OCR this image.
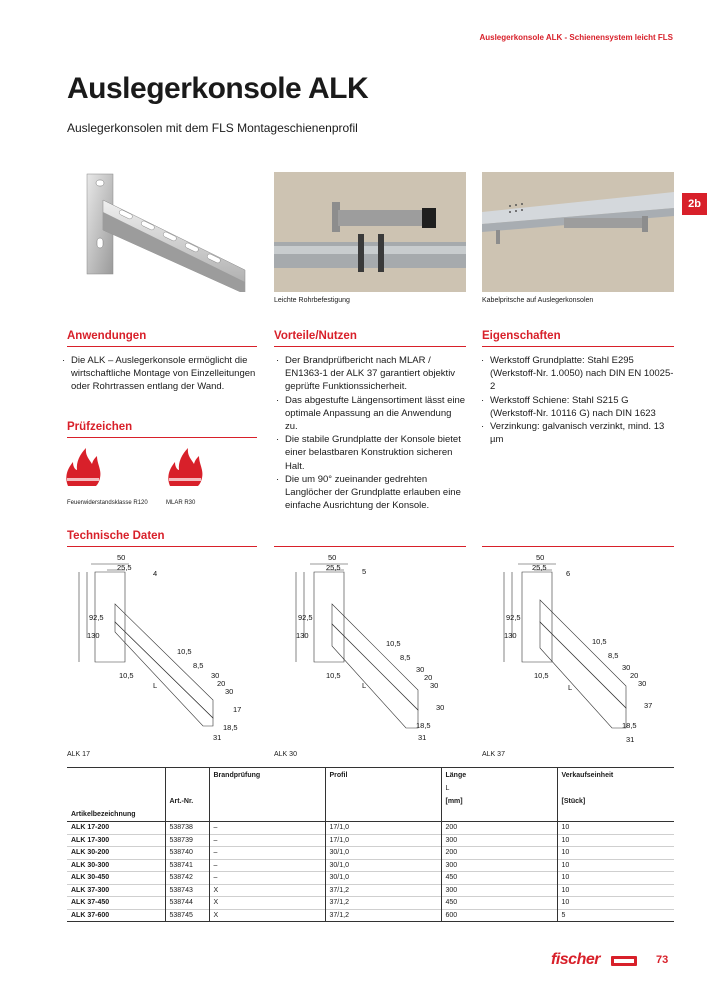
Auslegerkonsole ALK - Schienensystem leicht FLS
Auslegerkonsole ALK
Auslegerkonsolen mit dem FLS Montageschienenprofil
2b
Leichte Rohrbefestigung	Kabelpritsche auf Auslegerkonsolen
Anwendungen
· Die ALK – Auslegerkonsole ermöglicht die wirtschaftliche Montage von Einzelleitungen oder Rohrtrassen entlang der Wand.
Vorteile/Nutzen
· Der Brandprüfbericht nach MLAR / EN1363-1 der ALK 37 garantiert objektiv geprüfte Funktionssicherheit.
· Das abgestufte Längensortiment lässt eine optimale Anpassung an die Anwendung zu.
· Die stabile Grundplatte der Konsole bietet einer belastbaren Konstruktion sicheren Halt.
· Die um 90° zueinander gedrehten Langlöcher der Grundplatte erlauben eine einfache Ausrichtung der Konsole.
Eigenschaften
· Werkstoff Grundplatte: Stahl E295 (Werkstoff-Nr. 1.0050) nach DIN EN 10025-2
· Werkstoff Schiene: Stahl S215 G (Werkstoff-Nr. 10116 G) nach DIN 1623
· Verzinkung: galvanisch verzinkt, mind. 13 µm
Prüfzeichen
Feuerwiderstandsklasse R120	MLAR R30
Technische Daten
50
25,5
4
92,5
130
10,5
8,5
10,5	30
20
30
17
18,5
31
L
50
25,5	5
92,5
130
10,5
8,5
10,5
30
20
30
30
18,5
31
L
50
25,5
6
92,5
130
10,5
8,5
10,5
30
20
30
37
18,5
31
L
ALK 17	ALK 30	ALK 37
		Brandprüfung	Profil	Länge	Verkaufseinheit
				L	
	Art.-Nr.			[mm]	[Stück]
Artikelbezeichnung					
ALK 17-200	538738	–	17/1,0	200	10
ALK 17-300	538739	–	17/1,0	300	10
ALK 30-200	538740	–	30/1,0	200	10
ALK 30-300	538741	–	30/1,0	300	10
ALK 30-450	538742	–	30/1,0	450	10
ALK 37-300	538743	X	37/1,2	300	10
ALK 37-450	538744	X	37/1,2	450	10
ALK 37-600	538745	X	37/1,2	600	5
fischer	73
